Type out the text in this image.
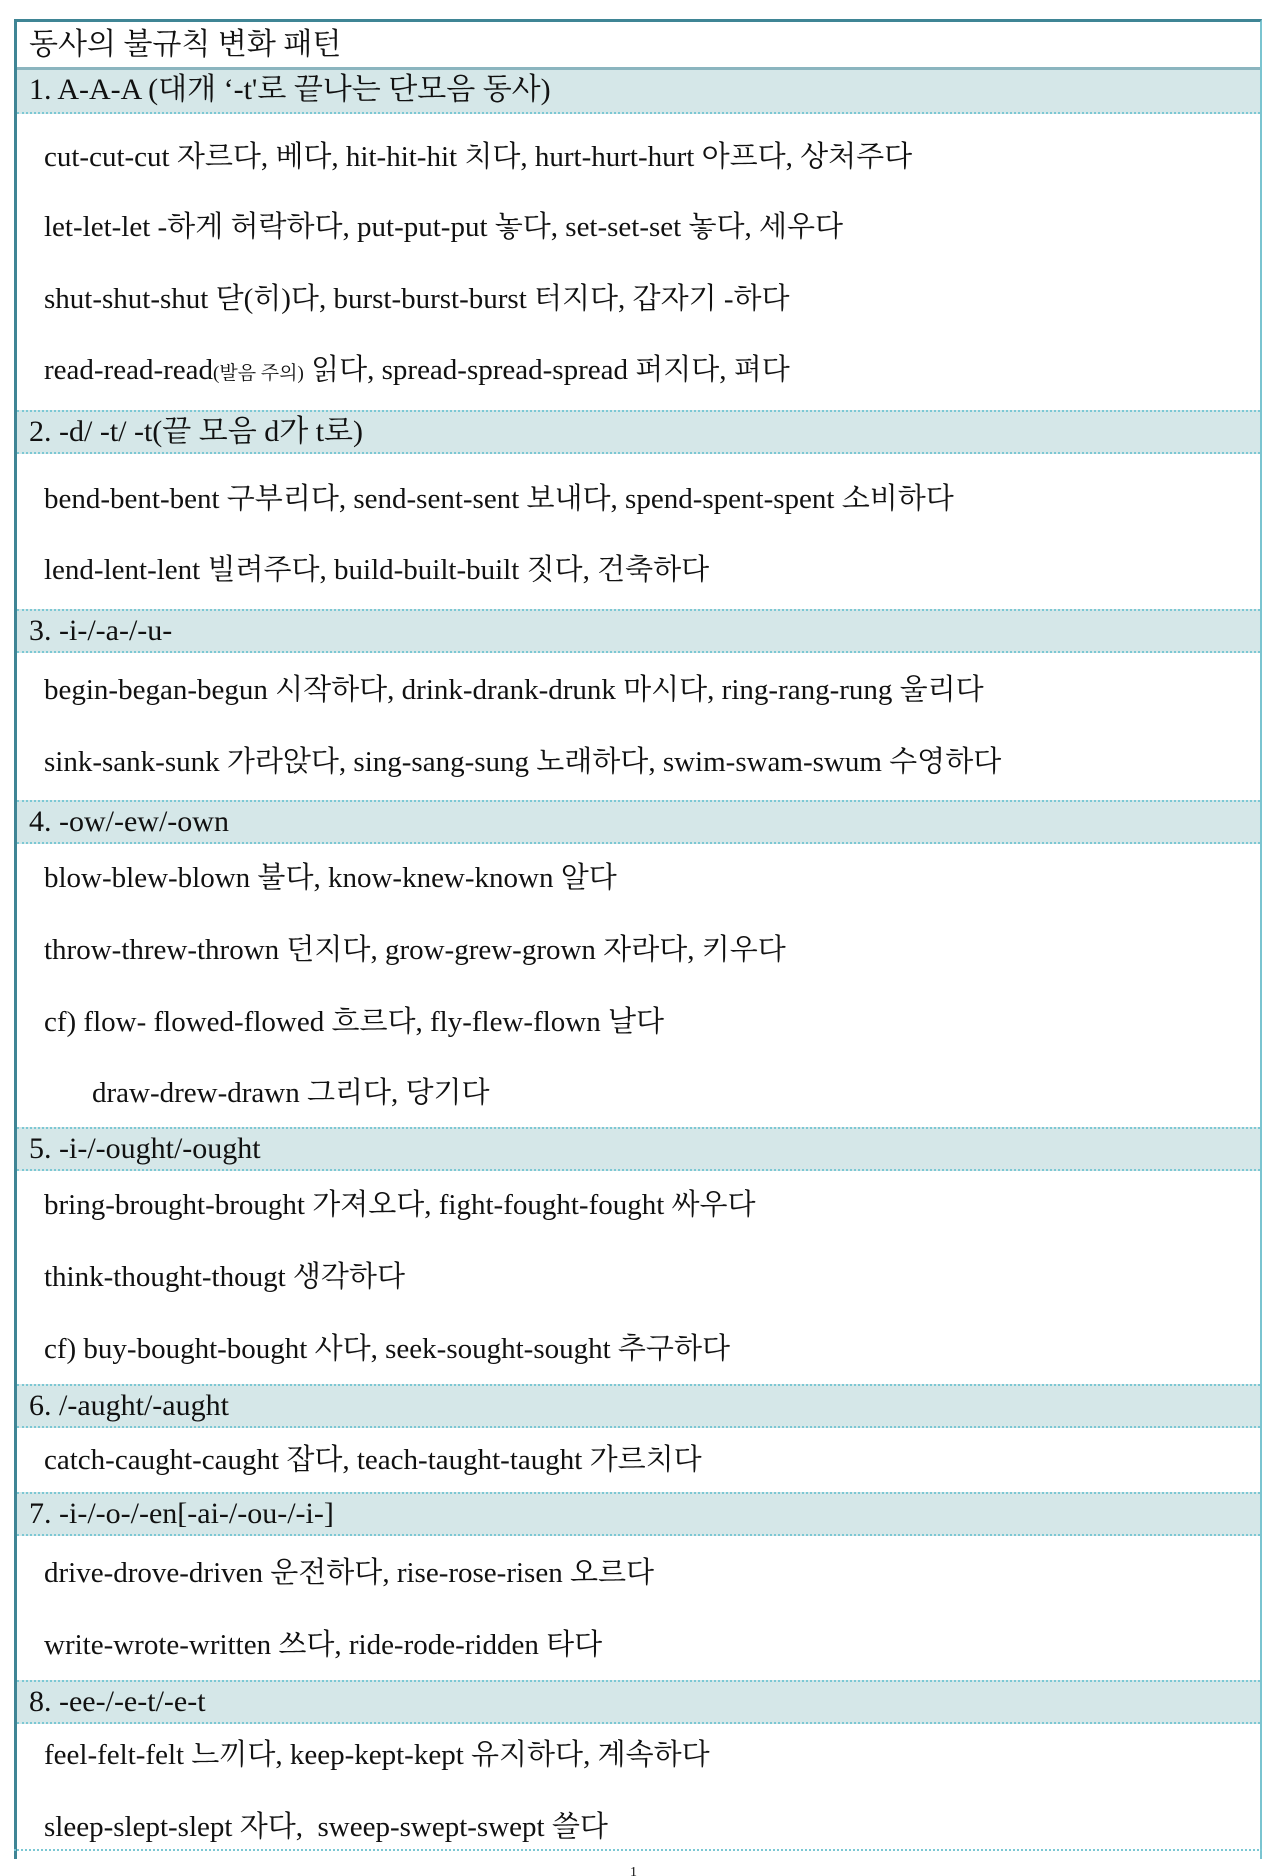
동사의 불규칙 변화 패턴
1. A-A-A (대개 ‘-t'로 끝나는 단모음 동사)
cut-cut-cut 자르다, 베다, hit-hit-hit 치다, hurt-hurt-hurt 아프다, 상처주다
let-let-let -하게 허락하다, put-put-put 놓다, set-set-set 놓다, 세우다
shut-shut-shut 닫(히)다, burst-burst-burst 터지다, 갑자기 -하다
read-read-read(발음 주의) 읽다, spread-spread-spread 퍼지다, 펴다
2. -d/ -t/ -t(끝 모음 d가 t로)
bend-bent-bent 구부리다, send-sent-sent 보내다, spend-spent-spent 소비하다
lend-lent-lent 빌려주다, build-built-built 짓다, 건축하다
3. -i-/-a-/-u-
begin-began-begun 시작하다, drink-drank-drunk 마시다, ring-rang-rung 울리다
sink-sank-sunk 가라앉다, sing-sang-sung 노래하다, swim-swam-swum 수영하다
4. -ow/-ew/-own
blow-blew-blown 불다, know-knew-known 알다
throw-threw-thrown 던지다, grow-grew-grown 자라다, 키우다
cf) flow- flowed-flowed 흐르다, fly-flew-flown 날다
draw-drew-drawn 그리다, 당기다
5. -i-/-ought/-ought
bring-brought-brought 가져오다, fight-fought-fought 싸우다
think-thought-thougt 생각하다
cf) buy-bought-bought 사다, seek-sought-sought 추구하다
6. /-aught/-aught
catch-caught-caught 잡다, teach-taught-taught 가르치다
7. -i-/-o-/-en[-ai-/-ou-/-i-]
drive-drove-driven 운전하다, rise-rose-risen 오르다
write-wrote-written 쓰다, ride-rode-ridden 타다
8. -ee-/-e-t/-e-t
feel-felt-felt 느끼다, keep-kept-kept 유지하다, 계속하다
sleep-slept-slept 자다,  sweep-swept-swept 쓸다
1
